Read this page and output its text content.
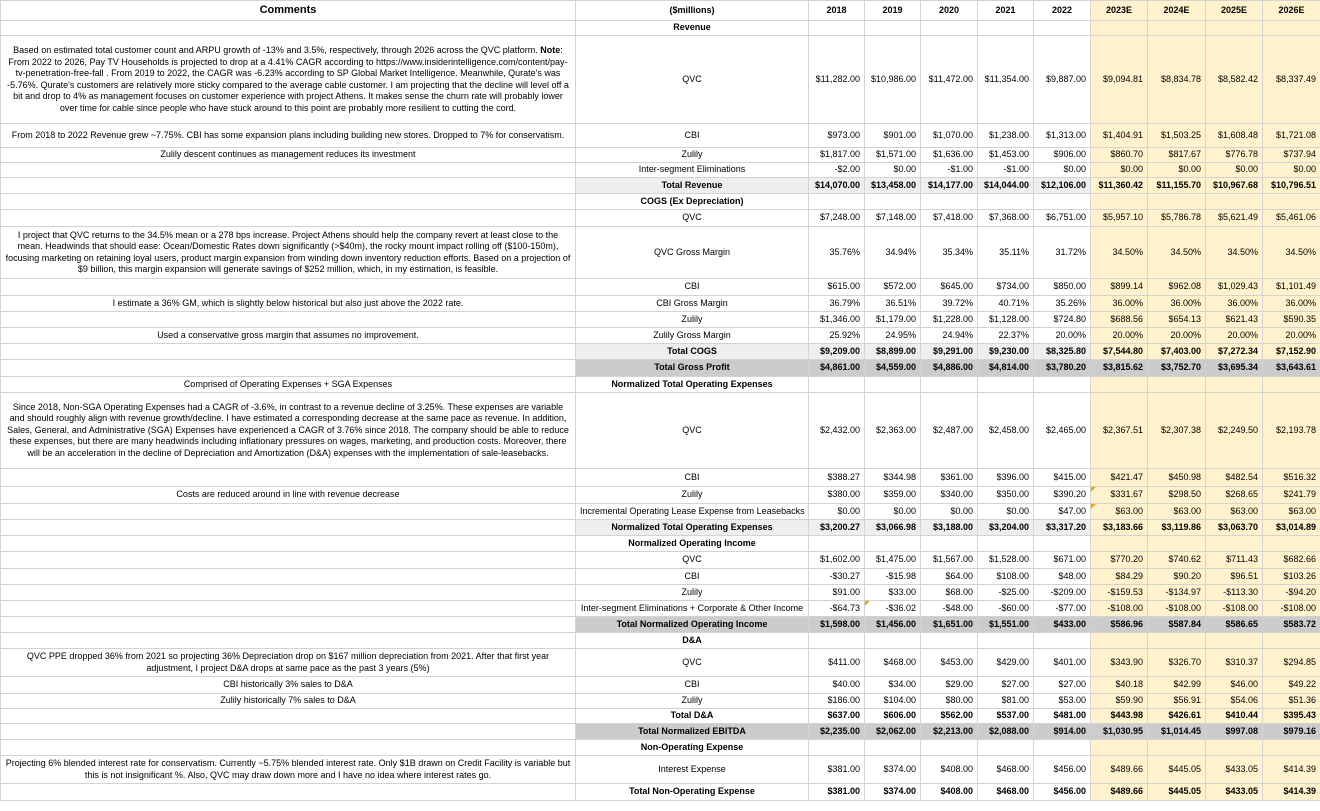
Comments	($millions)	2018	2019	2020	2021	2022	2023E	2024E	2025E	2026E
	Revenue									
Based on estimated total customer count and ARPU growth of -13% and 3.5%, respectively, through 2026 across the QVC platform. Note: From 2022 to 2026, Pay TV Households is projected to drop at a 4.41% CAGR according to https://www.insiderintelligence.com/content/pay-tv-penetration-free-fall . From 2019 to 2022, the CAGR was -6.23% according to SP Global Market Intelligence. Meanwhile, Qurate's was -5.76%. Qurate's customers are relatively more sticky compared to the average cable customer. I am projecting that the decline will level off a bit and drop to 4% as management focuses on customer experience with project Athens. It makes sense the churn rate will probably lower over time for cable since people who have stuck around to this point are probably more resilient to cutting the cord.	QVC	$11,282.00	$10,986.00	$11,472.00	$11,354.00	$9,887.00	$9,094.81	$8,834.78	$8,582.42	$8,337.49
From 2018 to 2022 Revenue grew ~7.75%. CBI has some expansion plans including building new stores. Dropped to 7% for conservatism.	CBI	$973.00	$901.00	$1,070.00	$1,238.00	$1,313.00	$1,404.91	$1,503.25	$1,608.48	$1,721.08
Zulily descent continues as management reduces its investment	Zulily	$1,817.00	$1,571.00	$1,636.00	$1,453.00	$906.00	$860.70	$817.67	$776.78	$737.94
	Inter-segment Eliminations	-$2.00	$0.00	-$1.00	-$1.00	$0.00	$0.00	$0.00	$0.00	$0.00
	Total Revenue	$14,070.00	$13,458.00	$14,177.00	$14,044.00	$12,106.00	$11,360.42	$11,155.70	$10,967.68	$10,796.51
	COGS (Ex Depreciation)									
	QVC	$7,248.00	$7,148.00	$7,418.00	$7,368.00	$6,751.00	$5,957.10	$5,786.78	$5,621.49	$5,461.06
I project that QVC returns to the 34.5% mean or a 278 bps increase. Project Athens should help the company revert at least close to the mean. Headwinds that should ease: Ocean/Domestic Rates down significantly (>$40m), the rocky mount impact rolling off ($100-150m), focusing marketing on retaining loyal users, product margin expansion from winding down inventory reduction efforts. Based on a projection of $9 billion, this margin expansion will generate savings of $252 million, which, in my estimation, is feasible.	QVC Gross Margin	35.76%	34.94%	35.34%	35.11%	31.72%	34.50%	34.50%	34.50%	34.50%
	CBI	$615.00	$572.00	$645.00	$734.00	$850.00	$899.14	$962.08	$1,029.43	$1,101.49
I estimate a 36% GM, which is slightly below historical but also just above the 2022 rate.	CBI Gross Margin	36.79%	36.51%	39.72%	40.71%	35.26%	36.00%	36.00%	36.00%	36.00%
	Zulily	$1,346.00	$1,179.00	$1,228.00	$1,128.00	$724.80	$688.56	$654.13	$621.43	$590.35
Used a conservative gross margin that assumes no improvement.	Zulily Gross Margin	25.92%	24.95%	24.94%	22.37%	20.00%	20.00%	20.00%	20.00%	20.00%
	Total COGS	$9,209.00	$8,899.00	$9,291.00	$9,230.00	$8,325.80	$7,544.80	$7,403.00	$7,272.34	$7,152.90
	Total Gross Profit	$4,861.00	$4,559.00	$4,886.00	$4,814.00	$3,780.20	$3,815.62	$3,752.70	$3,695.34	$3,643.61
Comprised of Operating Expenses + SGA Expenses	Normalized Total Operating Expenses									
Since 2018, Non-SGA Operating Expenses had a CAGR of -3.6%, in contrast to a revenue decline of 3.25%. These expenses are variable and should roughly align with revenue growth/decline. I have estimated a corresponding decrease at the same pace as revenue. In addition, Sales, General, and Administrative (SGA) Expenses have experienced a CAGR of 3.76% since 2018. The company should be able to reduce these expenses, but there are many headwinds including inflationary pressures on wages, marketing, and production costs. Moreover, there will be an acceleration in the decline of Depreciation and Amortization (D&A) expenses with the implementation of sale-leasebacks.	QVC	$2,432.00	$2,363.00	$2,487.00	$2,458.00	$2,465.00	$2,367.51	$2,307.38	$2,249.50	$2,193.78
	CBI	$388.27	$344.98	$361.00	$396.00	$415.00	$421.47	$450.98	$482.54	$516.32
Costs are reduced around in line with revenue decrease	Zulily	$380.00	$359.00	$340.00	$350.00	$390.20	$331.67	$298.50	$268.65	$241.79
	Incremental Operating Lease Expense from Leasebacks	$0.00	$0.00	$0.00	$0.00	$47.00	$63.00	$63.00	$63.00	$63.00
	Normalized Total Operating Expenses	$3,200.27	$3,066.98	$3,188.00	$3,204.00	$3,317.20	$3,183.66	$3,119.86	$3,063.70	$3,014.89
	Normalized Operating Income									
	QVC	$1,602.00	$1,475.00	$1,567.00	$1,528.00	$671.00	$770.20	$740.62	$711.43	$682.66
	CBI	-$30.27	-$15.98	$64.00	$108.00	$48.00	$84.29	$90.20	$96.51	$103.26
	Zulily	$91.00	$33.00	$68.00	-$25.00	-$209.00	-$159.53	-$134.97	-$113.30	-$94.20
	Inter-segment Eliminations + Corporate & Other Income	-$64.73	-$36.02	-$48.00	-$60.00	-$77.00	-$108.00	-$108.00	-$108.00	-$108.00
	Total Normalized Operating Income	$1,598.00	$1,456.00	$1,651.00	$1,551.00	$433.00	$586.96	$587.84	$586.65	$583.72
	D&A									
QVC PPE dropped 36% from 2021 so projecting 36% Depreciation drop on $167 million depreciation from 2021. After that first year adjustment, I project D&A drops at same pace as the past 3 years (5%)	QVC	$411.00	$468.00	$453.00	$429.00	$401.00	$343.90	$326.70	$310.37	$294.85
CBI historically 3% sales to D&A	CBI	$40.00	$34.00	$29.00	$27.00	$27.00	$40.18	$42.99	$46.00	$49.22
Zulily historically 7% sales to D&A	Zulily	$186.00	$104.00	$80.00	$81.00	$53.00	$59.90	$56.91	$54.06	$51.36
	Total D&A	$637.00	$606.00	$562.00	$537.00	$481.00	$443.98	$426.61	$410.44	$395.43
	Total Normalized EBITDA	$2,235.00	$2,062.00	$2,213.00	$2,088.00	$914.00	$1,030.95	$1,014.45	$997.08	$979.16
	Non-Operating Expense									
Projecting 6% blended interest rate for conservatism. Currently ~5.75% blended interest rate. Only $1B drawn on Credit Facility is variable but this is not insignificant %. Also, QVC may draw down more and I have no idea where interest rates go.	Interest Expense	$381.00	$374.00	$408.00	$468.00	$456.00	$489.66	$445.05	$433.05	$414.39
	Total Non-Operating Expense	$381.00	$374.00	$408.00	$468.00	$456.00	$489.66	$445.05	$433.05	$414.39
